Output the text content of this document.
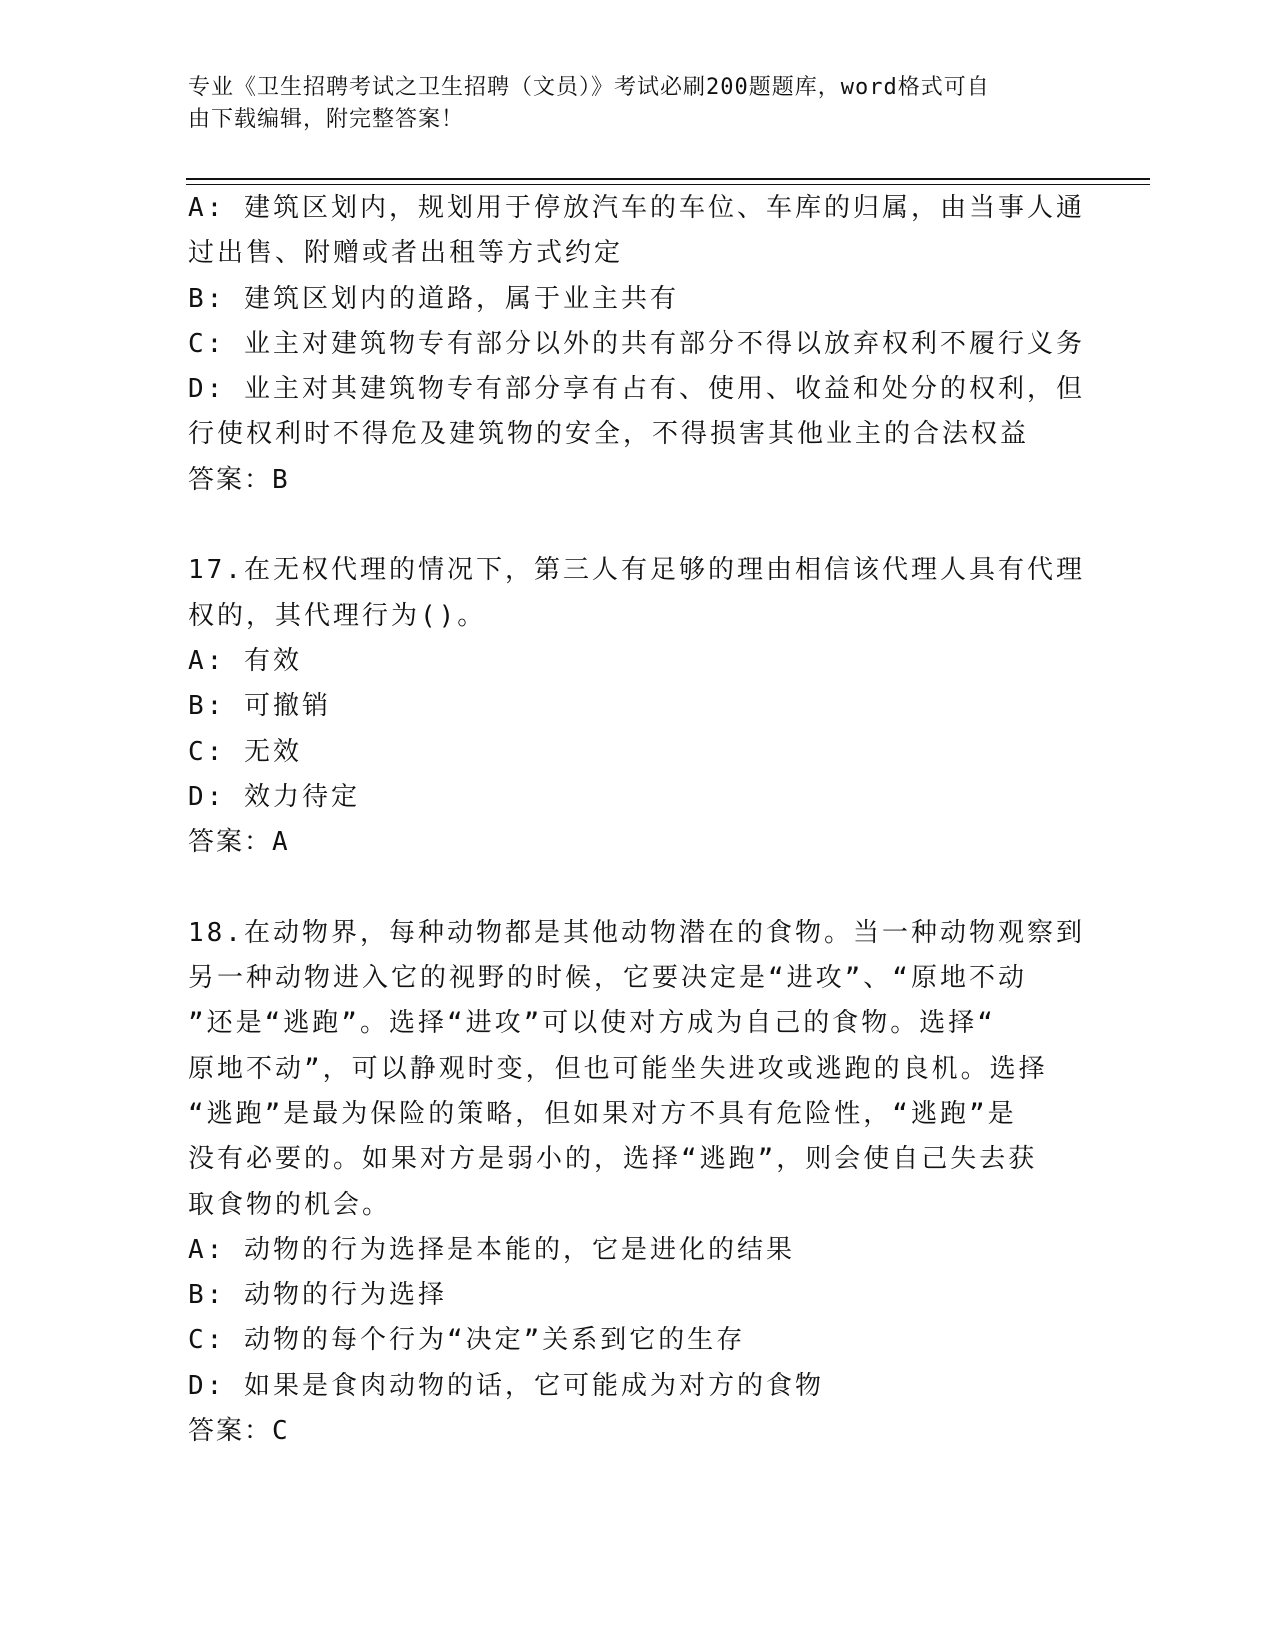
专业《卫生招聘考试之卫生招聘（文员）》考试必刷200题题库，word格式可自
由下载编辑，附完整答案！
A: 建筑区划内，规划用于停放汽车的车位、车库的归属，由当事人通
过出售、附赠或者出租等方式约定
B: 建筑区划内的道路，属于业主共有
C: 业主对建筑物专有部分以外的共有部分不得以放弃权利不履行义务
D: 业主对其建筑物专有部分享有占有、使用、收益和处分的权利，但
行使权利时不得危及建筑物的安全，不得损害其他业主的合法权益
答案：B
17.在无权代理的情况下，第三人有足够的理由相信该代理人具有代理
权的，其代理行为()。
A: 有效
B: 可撤销
C: 无效
D: 效力待定
答案：A
18.在动物界，每种动物都是其他动物潜在的食物。当一种动物观察到
另一种动物进入它的视野的时候，它要决定是“进攻”、“原地不动
”还是“逃跑”。选择“进攻”可以使对方成为自己的食物。选择“
原地不动”，可以静观时变，但也可能坐失进攻或逃跑的良机。选择
“逃跑”是最为保险的策略，但如果对方不具有危险性，“逃跑”是
没有必要的。如果对方是弱小的，选择“逃跑”，则会使自己失去获
取食物的机会。
A: 动物的行为选择是本能的，它是进化的结果
B: 动物的行为选择
C: 动物的每个行为“决定”关系到它的生存
D: 如果是食肉动物的话，它可能成为对方的食物
答案：C
